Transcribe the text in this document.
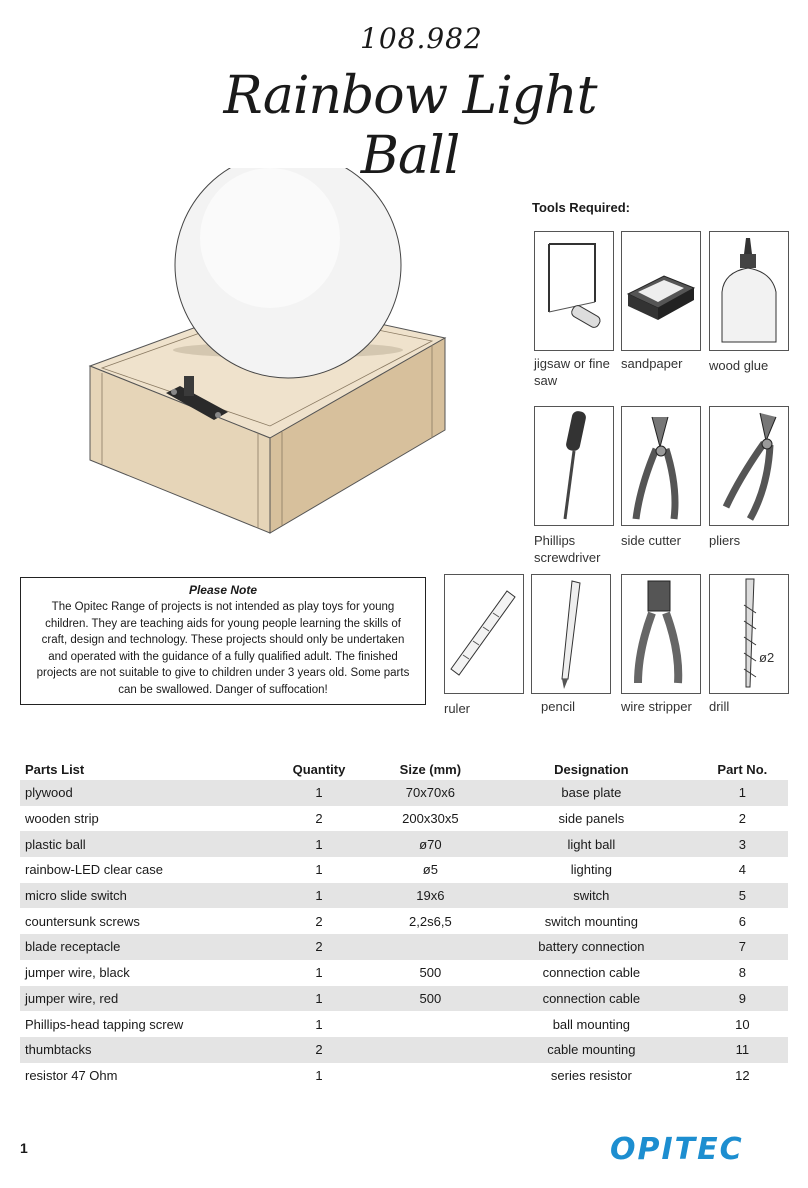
108.982
Rainbow Light Ball
Tools Required:
jigsaw or fine saw
sandpaper	wood glue
Phillips screwdriver
side cutter	pliers
ruler	pencil	wire stripper
ø2
drill
Please Note
The Opitec Range of projects is not intended as play toys for young children. They are teaching aids for young people learning the skills of craft, design and technology. These projects should only be undertaken and operated with the guidance of a fully qualified adult. The finished projects are not suitable to give to children under 3 years old. Some parts can be swallowed. Danger of suffocation!
Parts List	Quantity	Size (mm)	Designation	Part No.
plywood	1	70x70x6	base plate	1
wooden strip	2	200x30x5	side panels	2
plastic ball	1	ø70	light ball	3
rainbow-LED clear case	1	ø5	lighting	4
micro slide switch	1	19x6	switch	5
countersunk screws	2	2,2s6,5	switch mounting	6
blade receptacle	2		battery connection	7
jumper wire, black	1	500	connection cable	8
jumper wire, red	1	500	connection cable	9
Phillips-head tapping screw	1		ball mounting	10
thumbtacks	2		cable mounting	11
resistor 47 Ohm	1		series resistor	12
1	OPITEC
